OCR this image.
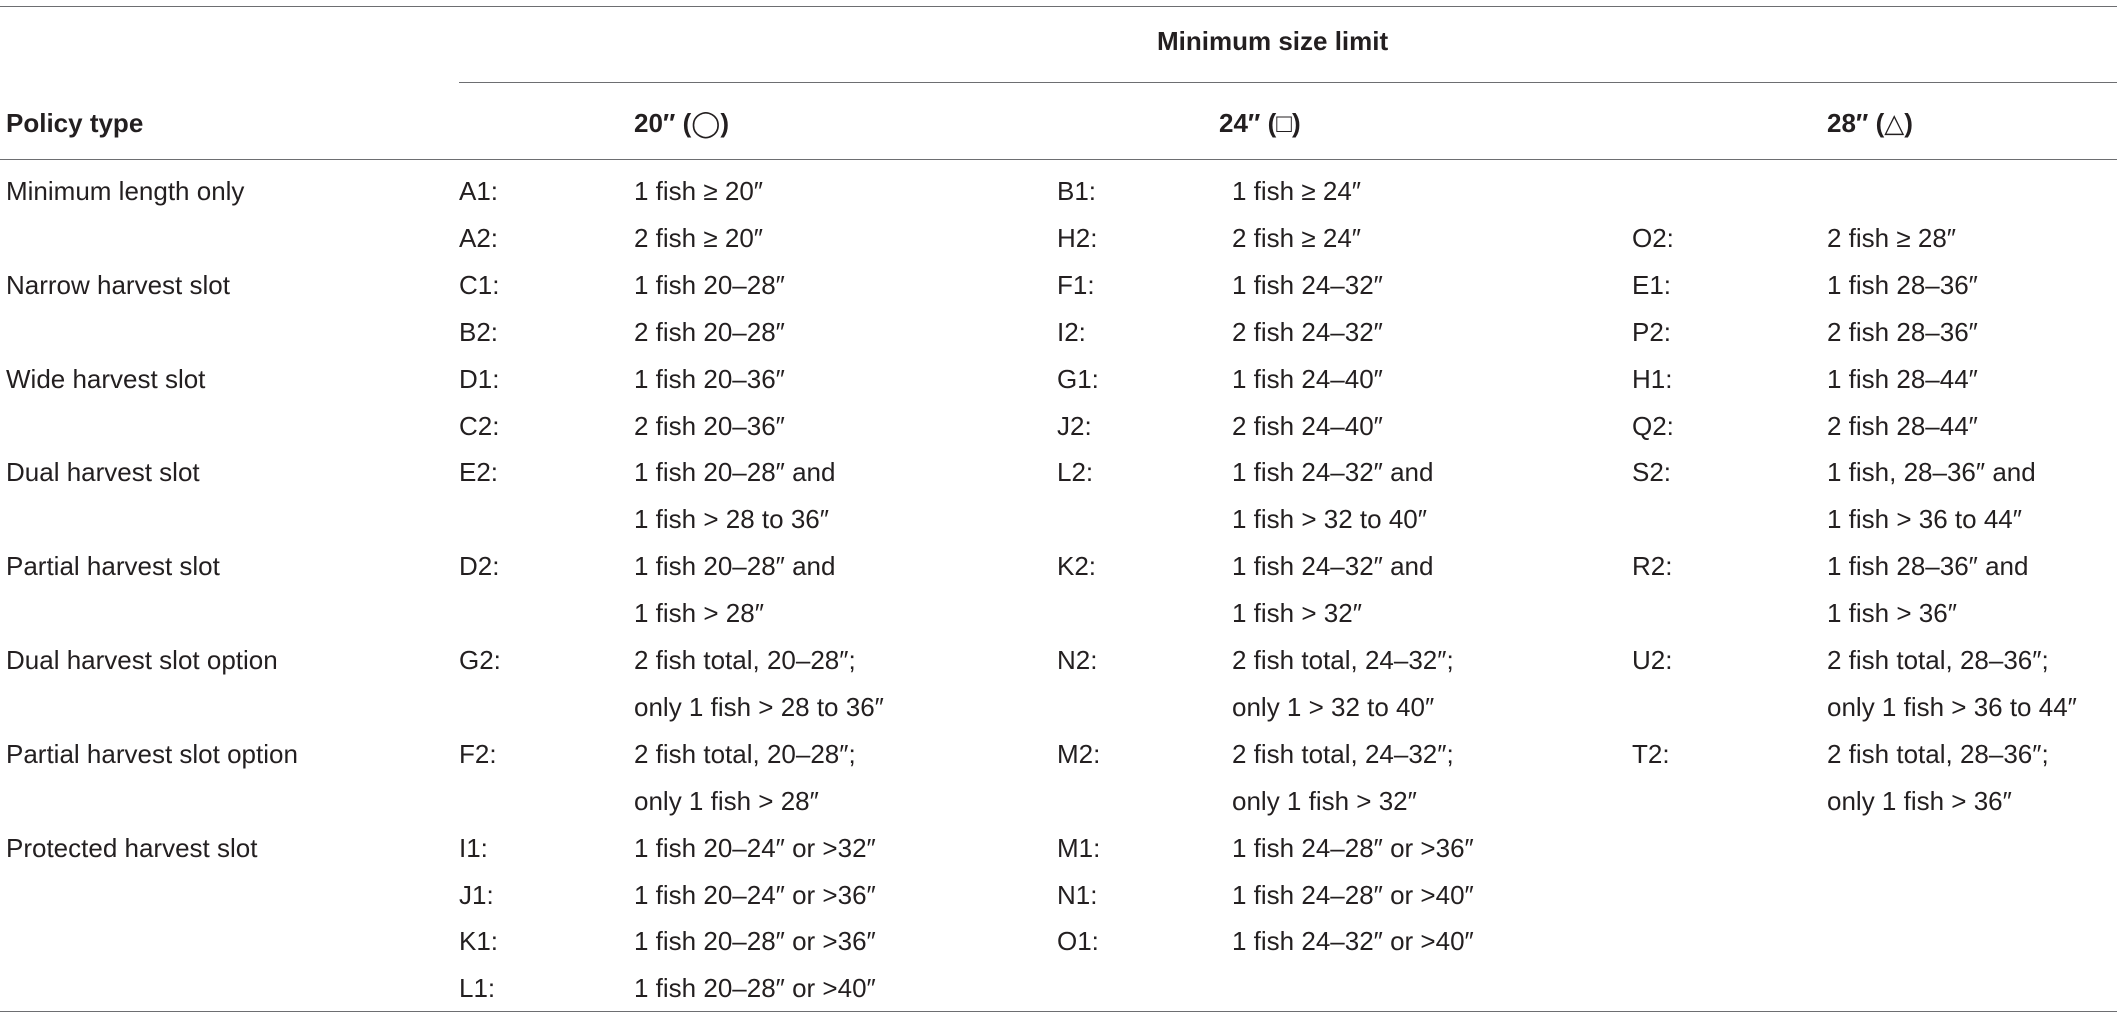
Minimum size limit
Policy type	20″ (◯)	24″ (□)	28″ (△)
Minimum length only	A1:	1 fish ≥ 20″	B1:	1 fish ≥ 24″
A2:	2 fish ≥ 20″	H2:	2 fish ≥ 24″	O2:	2 fish ≥ 28″
Narrow harvest slot	C1:	1 fish 20–28″	F1:	1 fish 24–32″	E1:	1 fish 28–36″
B2:	2 fish 20–28″	I2:	2 fish 24–32″	P2:	2 fish 28–36″
Wide harvest slot	D1:	1 fish 20–36″	G1:	1 fish 24–40″	H1:	1 fish 28–44″
C2:	2 fish 20–36″	J2:	2 fish 24–40″	Q2:	2 fish 28–44″
Dual harvest slot	E2:	1 fish 20–28″ and	L2:	1 fish 24–32″ and	S2:	1 fish, 28–36″ and
1 fish > 28 to 36″	1 fish > 32 to 40″	1 fish > 36 to 44″
Partial harvest slot	D2:	1 fish 20–28″ and	K2:	1 fish 24–32″ and	R2:	1 fish 28–36″ and
1 fish > 28″	1 fish > 32″	1 fish > 36″
Dual harvest slot option	G2:	2 fish total, 20–28″;	N2:	2 fish total, 24–32″;	U2:	2 fish total, 28–36″;
only 1 fish > 28 to 36″	only 1 > 32 to 40″	only 1 fish > 36 to 44″
Partial harvest slot option	F2:	2 fish total, 20–28″;	M2:	2 fish total, 24–32″;	T2:	2 fish total, 28–36″;
only 1 fish > 28″	only 1 fish > 32″	only 1 fish > 36″
Protected harvest slot	I1:	1 fish 20–24″ or >32″	M1:	1 fish 24–28″ or >36″
J1:	1 fish 20–24″ or >36″	N1:	1 fish 24–28″ or >40″
K1:	1 fish 20–28″ or >36″	O1:	1 fish 24–32″ or >40″
L1:	1 fish 20–28″ or >40″
